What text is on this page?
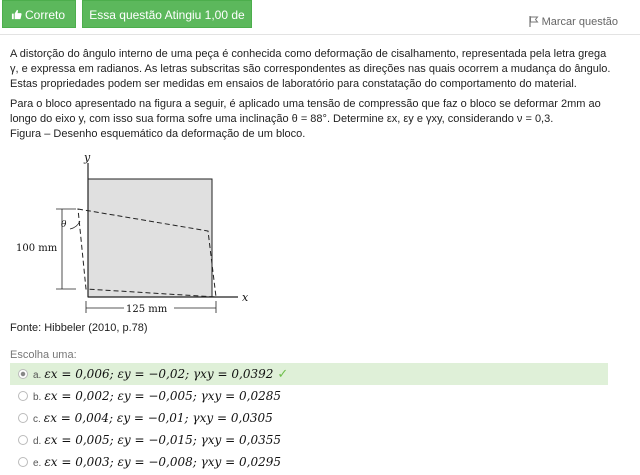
Correto	Essa questão Atingiu 1,00 de 1,00
Marcar questão
A distorção do ângulo interno de uma peça é conhecida como deformação de cisalhamento, representada pela letra grega γ, e expressa em radianos. As letras subscritas são correspondentes as direções nas quais ocorrem a mudança do ângulo. Estas propriedades podem ser medidas em ensaios de laboratório para constatação do comportamento do material.
Para o bloco apresentado na figura a seguir, é aplicado uma tensão de compressão que faz o bloco se deformar 2mm ao longo do eixo y, com isso sua forma sofre uma inclinação θ = 88°. Determine εx, εy e γxy, considerando ν = 0,3.
Figura – Desenho esquemático da deformação de um bloco.
y
x
100 mm
θ
125 mm
Fonte: Hibbeler (2010, p.78)
Escolha uma:
a. εx = 0,006; εy = −0,02; γxy = 0,0392 ✓
b. εx = 0,002; εy = −0,005; γxy = 0,0285
c. εx = 0,004; εy = −0,01; γxy = 0,0305
d. εx = 0,005; εy = −0,015; γxy = 0,0355
e. εx = 0,003; εy = −0,008; γxy = 0,0295
